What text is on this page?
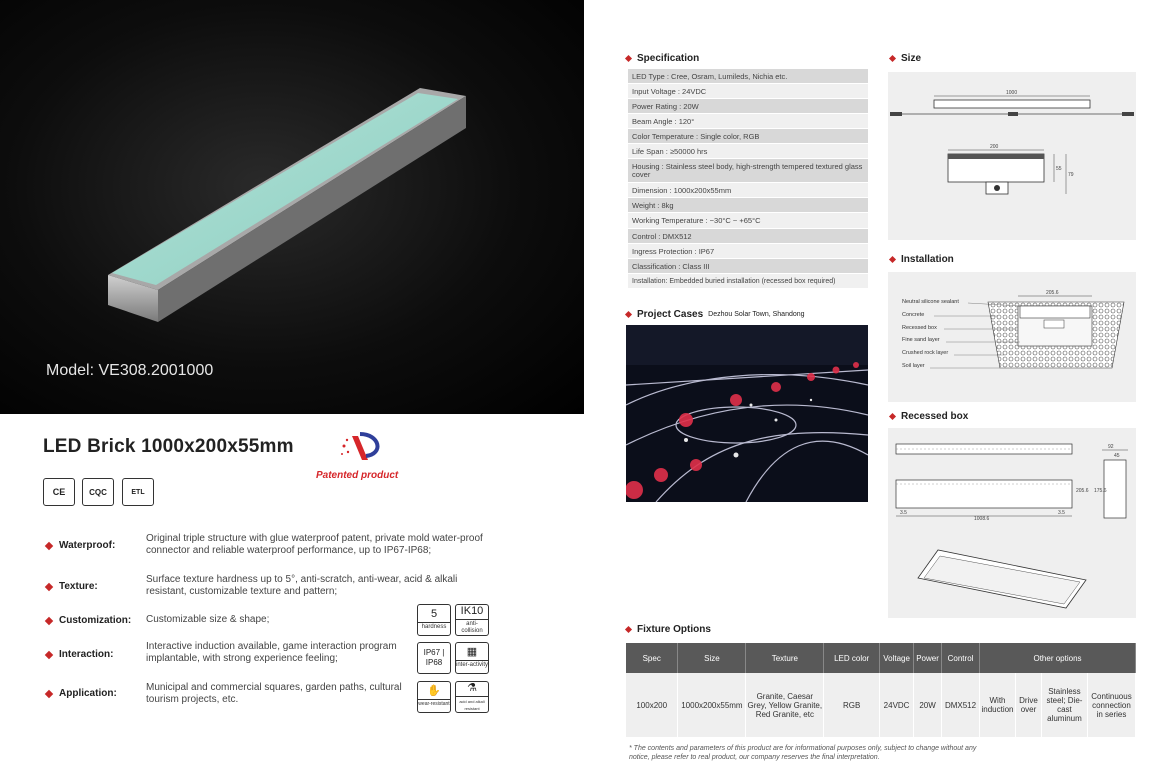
Model: VE308.2001000
LED Brick 1000x200x55mm
Patented product
CE	CQC	ETL
Waterproof:
Original triple structure with glue waterproof patent, private mold water-proof connector and reliable waterproof performance, up to IP67-IP68;
Texture:
Surface texture hardness up to 5°, anti-scratch, anti-wear, acid & alkali resistant, customizable texture and pattern;
Customization: Customizable size & shape;
Interaction:
Interactive induction available, game interaction program implantable, with strong experience feeling;
Application:
Municipal and commercial squares, garden paths, cultural tourism projects, etc.
5
hardness
IK10
anti-collision
IP67 | IP68
▦
inter-activity
✋
wear-resistant
⚗
acid and alkali resistant
Specification
LED Type : Cree, Osram, Lumileds, Nichia etc.
Input Voltage : 24VDC
Power Rating : 20W
Beam Angle : 120°
Color Temperature : Single color, RGB
Life Span : ≥50000 hrs
Housing : Stainless steel body, high-strength tempered textured glass cover
Dimension : 1000x200x55mm
Weight : 8kg
Working Temperature : −30°C ~ +65°C
Control : DMX512
Ingress Protection : IP67
Classification : Class III
Installation: Embedded buried installation (recessed box required)
Project Cases Dezhou Solar Town, Shandong
Size
1000
200
55
79
Installation
Neutral silicone sealant
Concrete
Recessed box
Fine sand layer
Crushed rock layer
Soil layer
205.6
Recessed box
1008.6
3.5	3.5
205.6
92
45
175.6
Fixture Options
Spec	Size	Texture	LED color	Voltage	Power	Control	Other options			
100x200	1000x200x55mm	Granite, Caesar Grey, Yellow Granite, Red Granite, etc	RGB	24VDC	20W	DMX512	With induction	Drive over	Stainless steel; Die-cast aluminum	Continuous connection in series
* The contents and parameters of this product are for informational purposes only, subject to change without any notice, please refer to real product, our company reserves the final interpretation.
